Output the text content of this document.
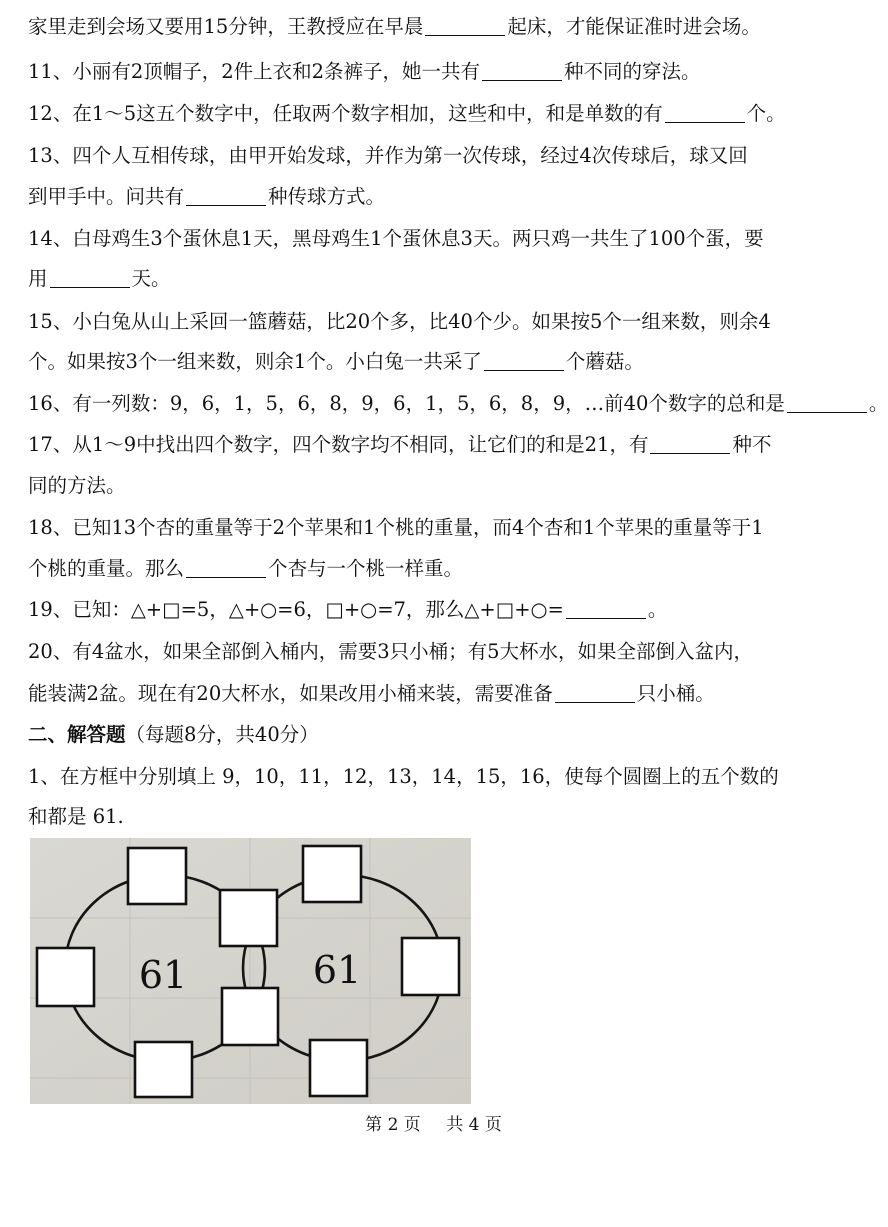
家里走到会场又要用15分钟，王教授应在早晨	起床，才能保证准时进会场。
11、小丽有2顶帽子，2件上衣和2条裤子，她一共有	种不同的穿法。
12、在1～5这五个数字中，任取两个数字相加，这些和中，和是单数的有	个。
13、四个人互相传球，由甲开始发球，并作为第一次传球，经过4次传球后，球又回
到甲手中。问共有	种传球方式。
14、白母鸡生3个蛋休息1天，黑母鸡生1个蛋休息3天。两只鸡一共生了100个蛋，要
用	天。
15、小白兔从山上采回一篮蘑菇，比20个多，比40个少。如果按5个一组来数，则余4
个。如果按3个一组来数，则余1个。小白兔一共采了	个蘑菇。
16、有一列数：9，6，1，5，6，8，9，6，1，5，6，8，9，…前40个数字的总和是	。
17、从1～9中找出四个数字，四个数字均不相同，让它们的和是21，有	种不
同的方法。
18、已知13个杏的重量等于2个苹果和1个桃的重量，而4个杏和1个苹果的重量等于1
个桃的重量。那么	个杏与一个桃一样重。
19、已知：△+□=5，△+○=6，□+○=7，那么△+□+○=	。
20、有4盆水，如果全部倒入桶内，需要3只小桶；有5大杯水，如果全部倒入盆内，
能装满2盆。现在有20大杯水，如果改用小桶来装，需要准备	只小桶。
二、解答题（每题8分，共40分）
1、在方框中分别填上 9，10，11，12，13，14，15，16，使每个圆圈上的五个数的
和都是 61.
61	61
第 2 页 共 4 页
